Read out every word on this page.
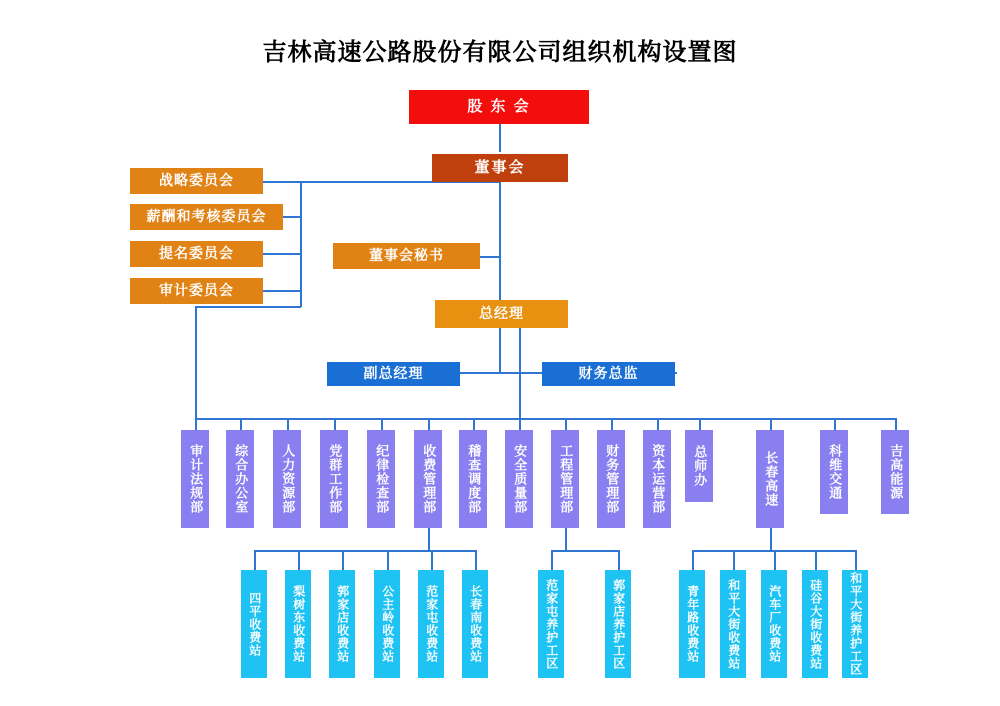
吉林高速公路股份有限公司组织机构设置图
股 东 会
董事会
战略委员会
薪酬和考核委员会
提名委员会
审计委员会
董事会秘书
总经理
副总经理	财务总监
审计法规部	综合办公室	人力资源部	党群工作部	纪律检查部	收费管理部	稽查调度部	安全质量部	工程管理部	财务管理部	资本运营部	总师办	长春高速	科维交通	吉高能源
四平收费站	梨树东收费站	郭家店收费站	公主岭收费站	范家屯收费站	长春南收费站	范家屯养护工区	郭家店养护工区	青年路收费站	和平大街收费站	汽车厂收费站	硅谷大街收费站	和平大街养护工区
